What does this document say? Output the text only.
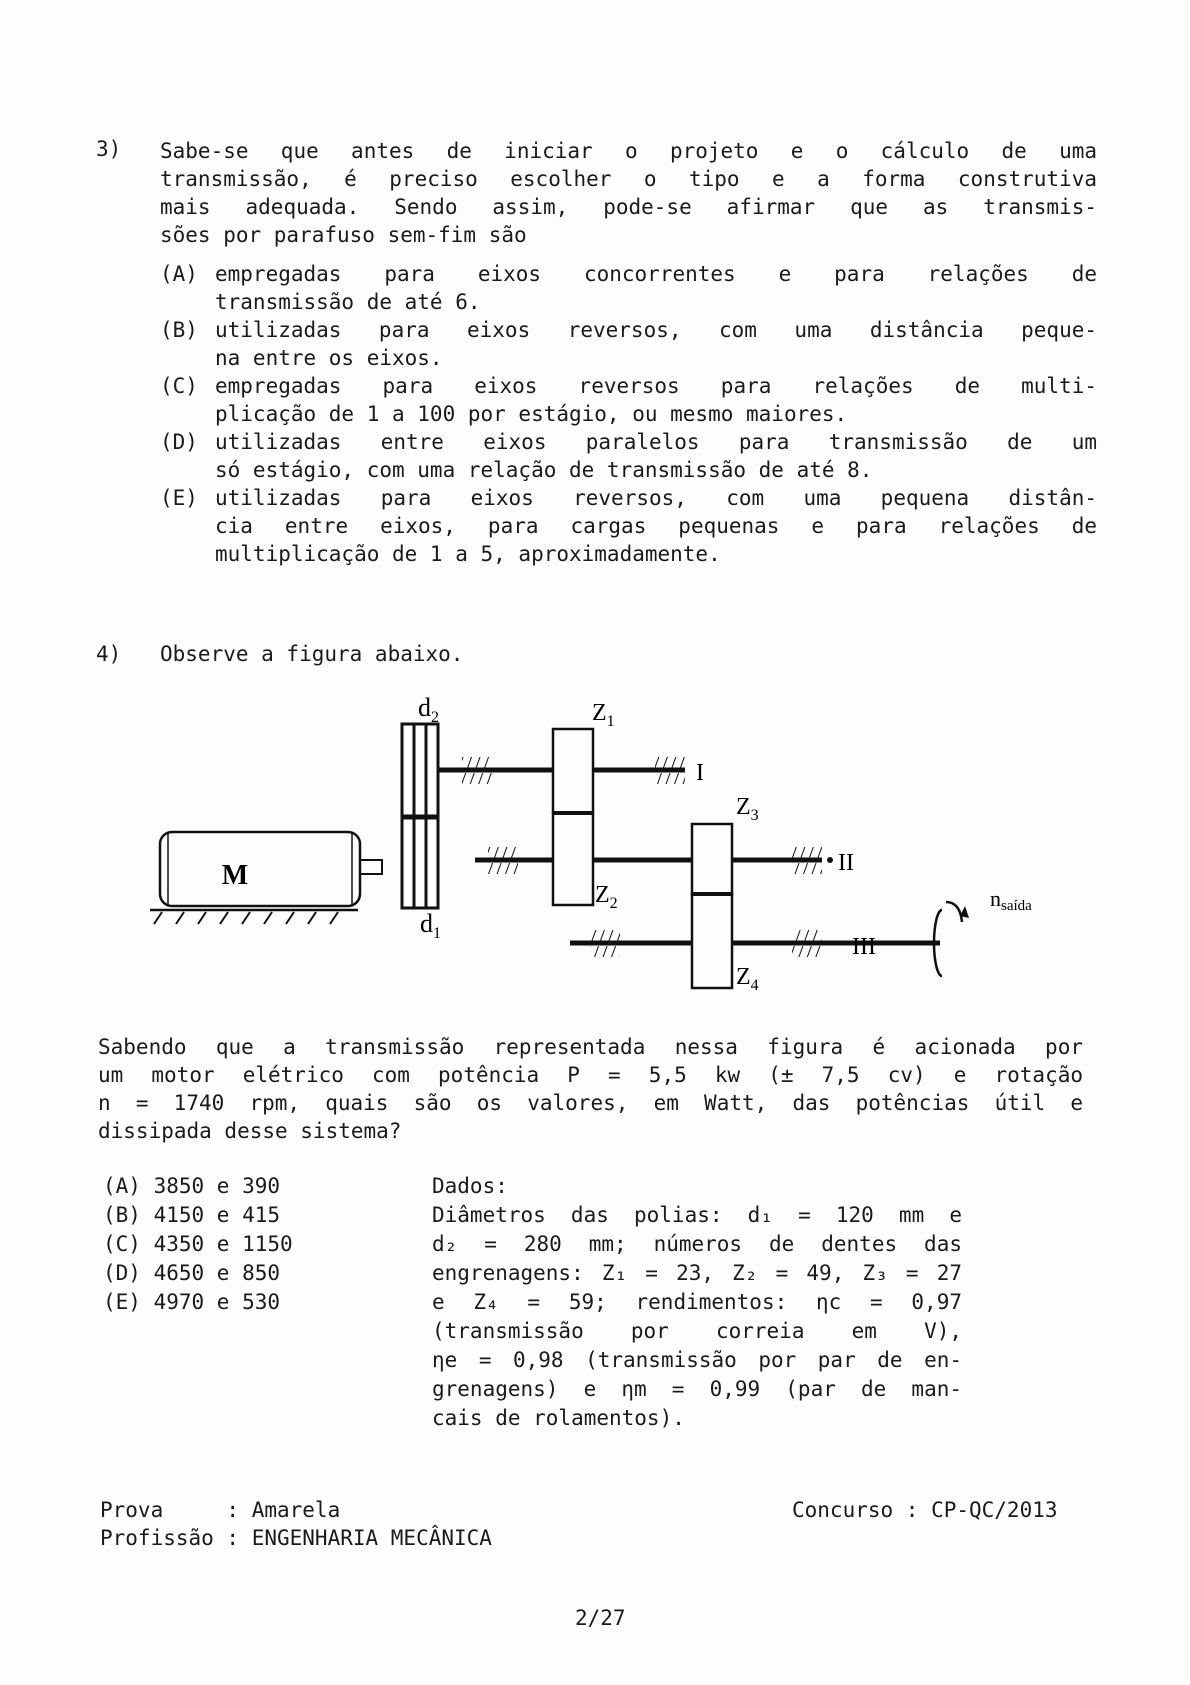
3) Sabe-se que antes de iniciar o projeto e o cálculo de uma
transmissão, é preciso escolher o tipo e a forma construtiva
mais adequada. Sendo assim, pode-se afirmar que as transmis-
sões por parafuso sem-fim são
(A) empregadas para eixos concorrentes e para relações de
transmissão de até 6.
(B) utilizadas para eixos reversos, com uma distância peque-
na entre os eixos.
(C) empregadas para eixos reversos para relações de multi-
plicação de 1 a 100 por estágio, ou mesmo maiores.
(D) utilizadas entre eixos paralelos para transmissão de um
só estágio, com uma relação de transmissão de até 8.
(E) utilizadas para eixos reversos, com uma pequena distân-
cia entre eixos, para cargas pequenas e para relações de
multiplicação de 1 a 5, aproximadamente.
4) Observe a figura abaixo.
M
I
II
III
$d_2$
$d_1$
$Z_1$
$Z_2$
$Z_3$
$Z_4$
nsaída
Sabendo que a transmissão representada nessa figura é acionada por
um motor elétrico com potência P = 5,5 kw (± 7,5 cv) e rotação
n = 1740 rpm, quais são os valores, em Watt, das potências útil e
dissipada desse sistema?
(A) 3850 e 390
(B) 4150 e 415
(C) 4350 e 1150
(D) 4650 e 850
(E) 4970 e 530
Dados:
Diâmetros das polias: d₁ = 120 mm e
d₂ = 280 mm; números de dentes das
engrenagens: Z₁ = 23, Z₂ = 49, Z₃ = 27
e Z₄ = 59; rendimentos: ηc = 0,97
(transmissão por correia em V),
ηe = 0,98 (transmissão por par de en-
grenagens) e ηm = 0,99 (par de man-
cais de rolamentos).
Prova     : Amarela
Profissão : ENGENHARIA MECÂNICA
Concurso : CP-QC/2013
2/27
